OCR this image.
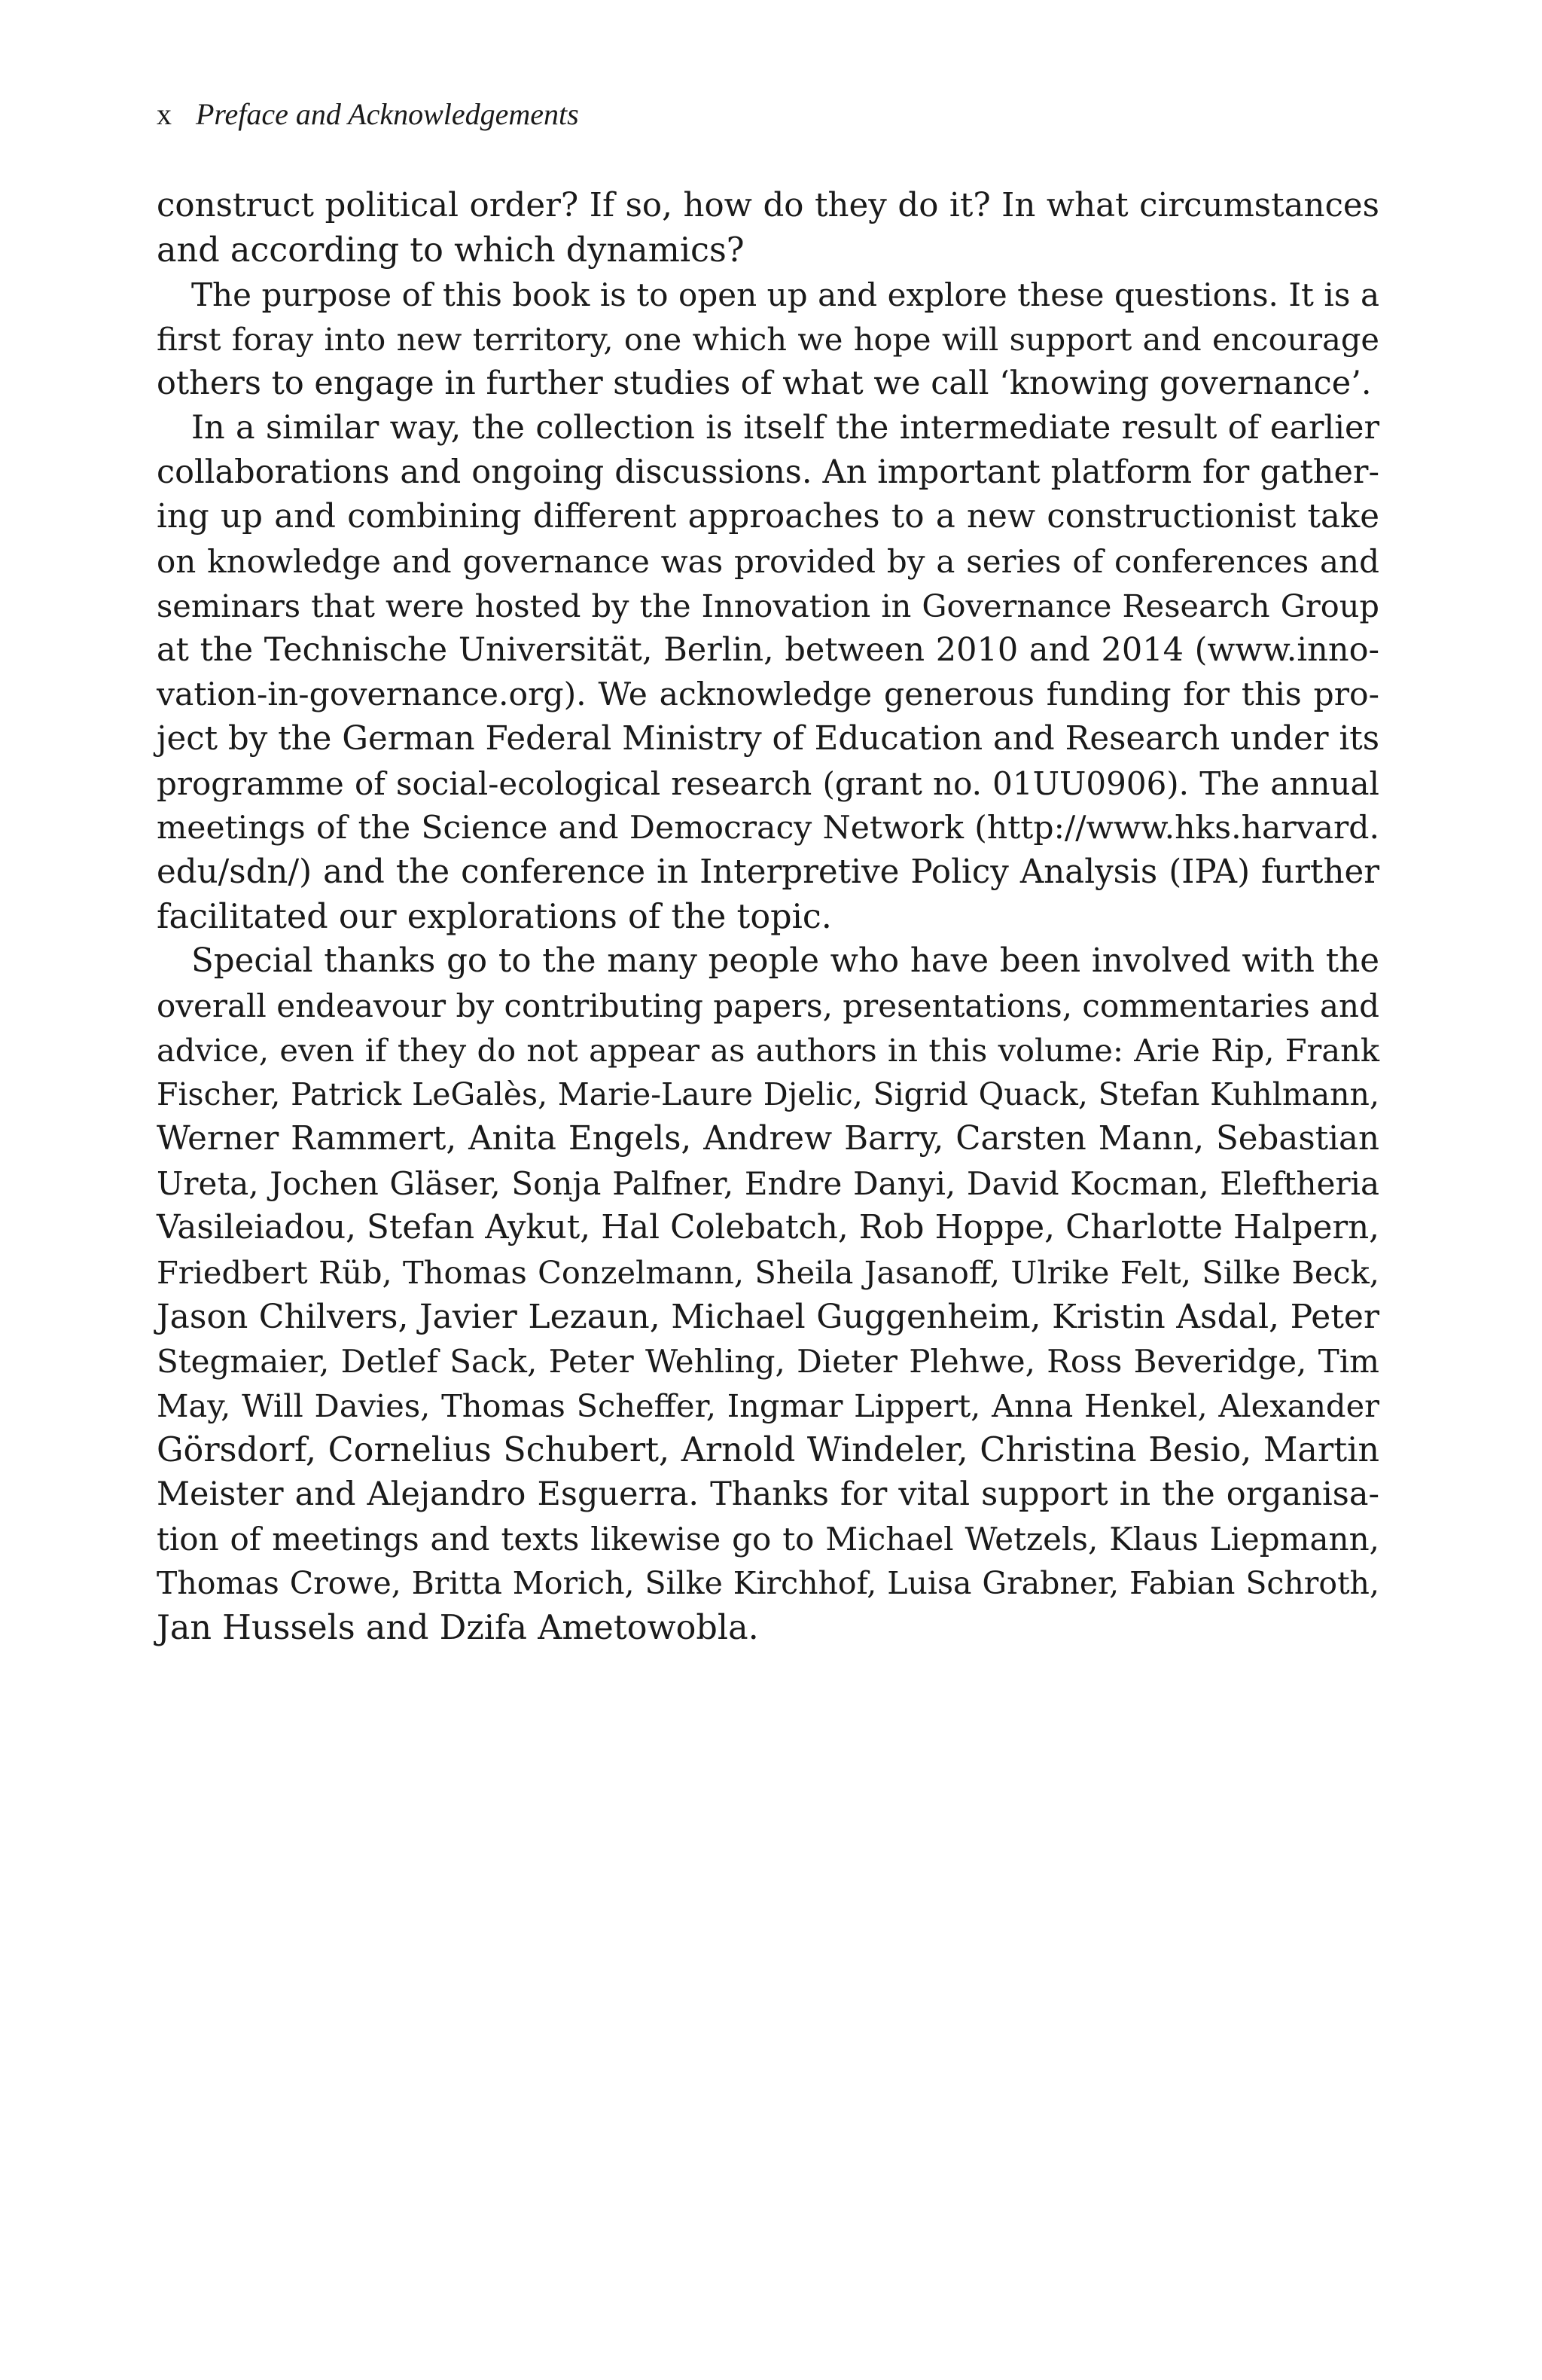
x Preface and Acknowledgements
construct political order? If so, how do they do it? In what circumstances
and according to which dynamics?
The purpose of this book is to open up and explore these questions. It is a
first foray into new territory, one which we hope will support and encourage
others to engage in further studies of what we call ‘knowing governance’.
In a similar way, the collection is itself the intermediate result of earlier
collaborations and ongoing discussions. An important platform for gather-
ing up and combining different approaches to a new constructionist take
on knowledge and governance was provided by a series of conferences and
seminars that were hosted by the Innovation in Governance Research Group
at the Technische Universität, Berlin, between 2010 and 2014 (www.inno-
vation-in-governance.org). We acknowledge generous funding for this pro-
ject by the German Federal Ministry of Education and Research under its
programme of social-ecological research (grant no. 01UU0906). The annual
meetings of the Science and Democracy Network (http://www.hks.harvard.
edu/sdn/) and the conference in Interpretive Policy Analysis (IPA) further
facilitated our explorations of the topic.
Special thanks go to the many people who have been involved with the
overall endeavour by contributing papers, presentations, commentaries and
advice, even if they do not appear as authors in this volume: Arie Rip, Frank
Fischer, Patrick LeGalès, Marie-Laure Djelic, Sigrid Quack, Stefan Kuhlmann,
Werner Rammert, Anita Engels, Andrew Barry, Carsten Mann, Sebastian
Ureta, Jochen Gläser, Sonja Palfner, Endre Danyi, David Kocman, Eleftheria
Vasileiadou, Stefan Aykut, Hal Colebatch, Rob Hoppe, Charlotte Halpern,
Friedbert Rüb, Thomas Conzelmann, Sheila Jasanoff, Ulrike Felt, Silke Beck,
Jason Chilvers, Javier Lezaun, Michael Guggenheim, Kristin Asdal, Peter
Stegmaier, Detlef Sack, Peter Wehling, Dieter Plehwe, Ross Beveridge, Tim
May, Will Davies, Thomas Scheffer, Ingmar Lippert, Anna Henkel, Alexander
Görsdorf, Cornelius Schubert, Arnold Windeler, Christina Besio, Martin
Meister and Alejandro Esguerra. Thanks for vital support in the organisa-
tion of meetings and texts likewise go to Michael Wetzels, Klaus Liepmann,
Thomas Crowe, Britta Morich, Silke Kirchhof, Luisa Grabner, Fabian Schroth,
Jan Hussels and Dzifa Ametowobla.
